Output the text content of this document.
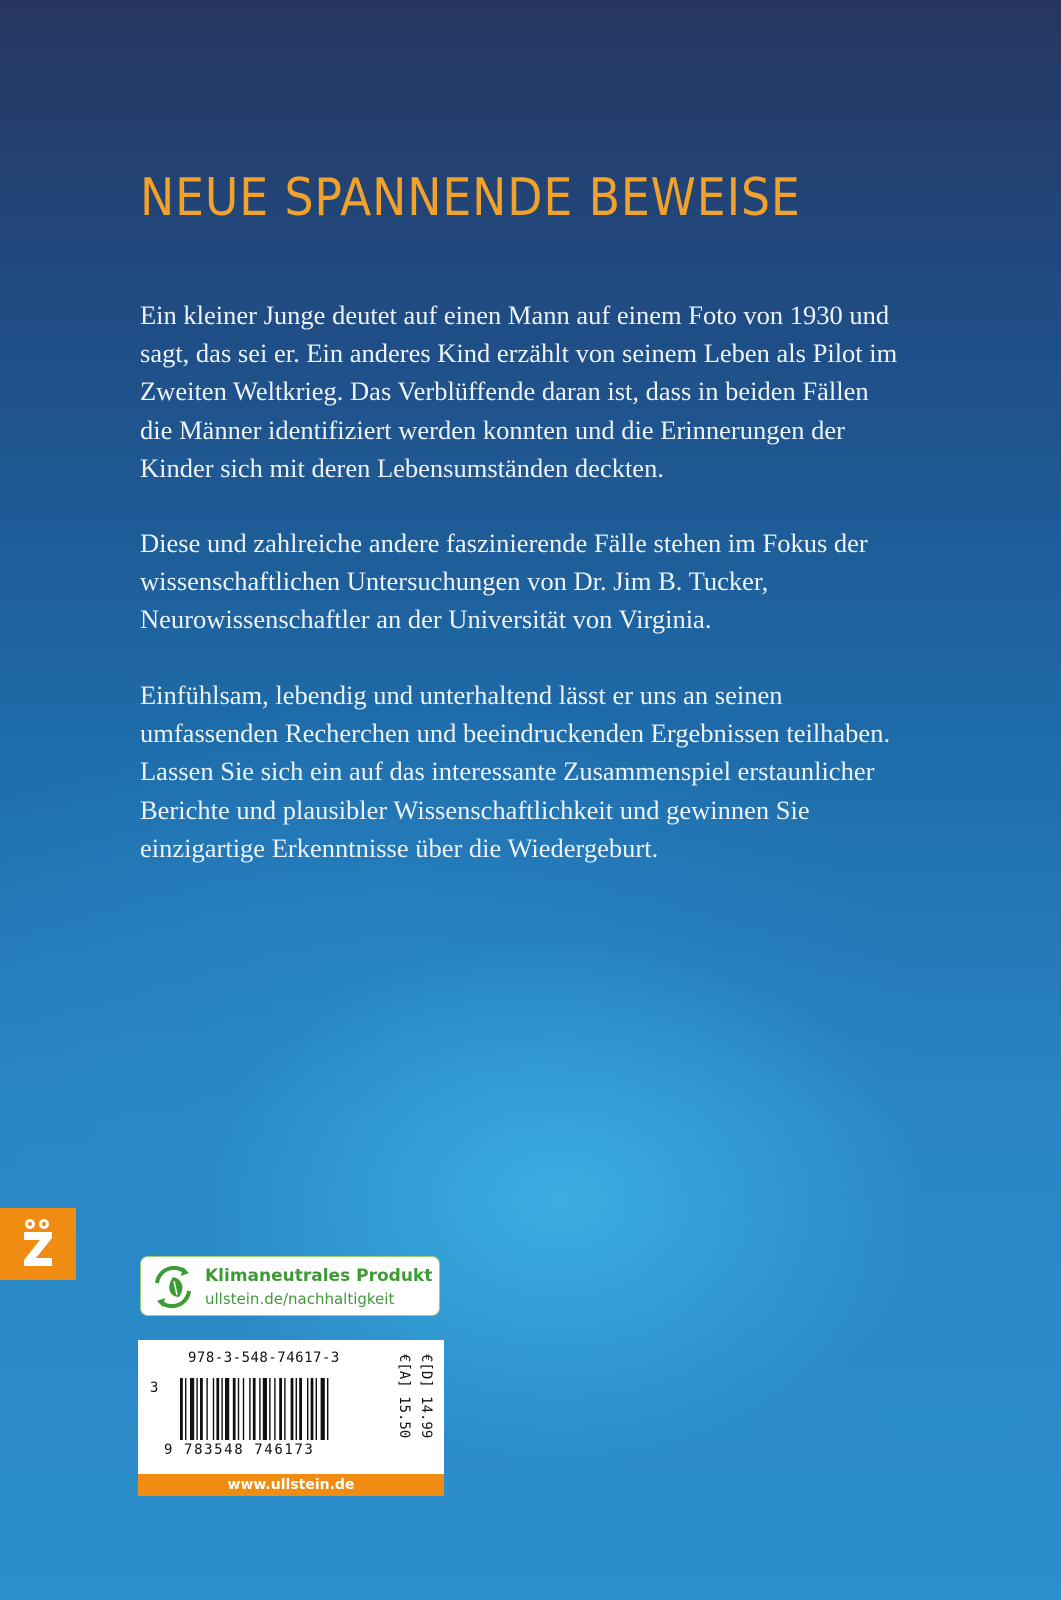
NEUE SPANNENDE BEWEISE

Ein kleiner Junge deutet auf einen Mann auf einem Foto von 1930 und sagt, das sei er. Ein anderes Kind erzählt von seinem Leben als Pilot im Zweiten Weltkrieg. Das Verblüffende daran ist, dass in beiden Fällen die Männer identifiziert werden konnten und die Erinnerungen der Kinder sich mit deren Lebensumständen deckten.

Diese und zahlreiche andere faszinierende Fälle stehen im Fokus der wissenschaftlichen Untersuchungen von Dr. Jim B. Tucker, Neurowissenschaftler an der Universität von Virginia.

Einfühlsam, lebendig und unterhaltend lässt er uns an seinen umfassenden Recherchen und beeindruckenden Ergebnissen teilhaben. Lassen Sie sich ein auf das interessante Zusammenspiel erstaunlicher Berichte und plausibler Wissenschaftlichkeit und gewinnen Sie einzigartige Erkenntnisse über die Wiedergeburt.

Klimaneutrales Produkt
ullstein.de/nachhaltigkeit
978-3-548-74617-3
3
9 783548 746173
€[D] 14.99
€[A] 15.50
www.ullstein.de
